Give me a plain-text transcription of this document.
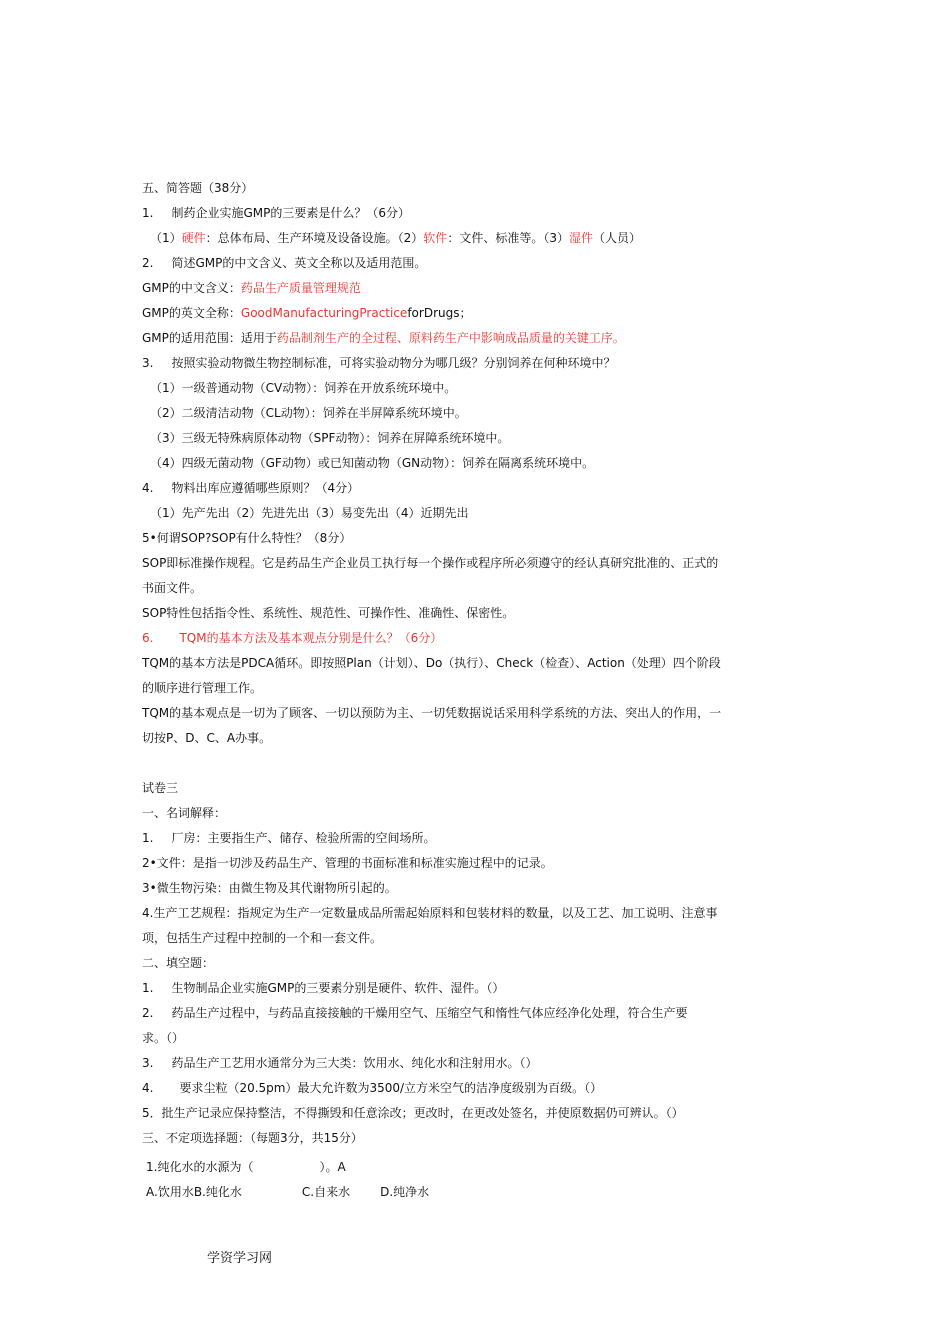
五、简答题（38分）
1. 制药企业实施GMP的三要素是什么？（6分）
（1）硬件：总体布局、生产环境及设备设施。（2）软件：文件、标准等。（3）湿件（人员）
2. 简述GMP的中文含义、英文全称以及适用范围。
GMP的中文含义：药品生产质量管理规范
GMP的英文全称：GoodManufacturingPracticeforDrugs；
GMP的适用范围：适用于药品制剂生产的全过程、原料药生产中影响成品质量的关键工序。
3. 按照实验动物微生物控制标准，可将实验动物分为哪几级？分别饲养在何种环境中？
（1）一级普通动物（CV动物）：饲养在开放系统环境中。
（2）二级清洁动物（CL动物）：饲养在半屏障系统环境中。
（3）三级无特殊病原体动物（SPF动物）：饲养在屏障系统环境中。
（4）四级无菌动物（GF动物）或已知菌动物（GN动物）：饲养在隔离系统环境中。
4. 物料出库应遵循哪些原则？（4分）
（1）先产先出（2）先进先出（3）易变先出（4）近期先出
5•何谓SOP?SOP有什么特性？（8分）
SOP即标准操作规程。它是药品生产企业员工执行每一个操作或程序所必须遵守的经认真研究批准的、正式的
书面文件。
SOP特性包括指令性、系统性、规范性、可操作性、准确性、保密性。
6. TQM的基本方法及基本观点分别是什么？（6分）
TQM的基本方法是PDCA循环。即按照Plan（计划）、Do（执行）、Check（检查）、Action（处理）四个阶段
的顺序进行管理工作。
TQM的基本观点是一切为了顾客、一切以预防为主、一切凭数据说话采用科学系统的方法、突出人的作用，一
切按P、D、C、A办事。
试卷三
一、名词解释：
1. 厂房：主要指生产、储存、检验所需的空间场所。
2•文件：是指一切涉及药品生产、管理的书面标准和标准实施过程中的记录。
3•微生物污染：由微生物及其代谢物所引起的。
4.生产工艺规程：指规定为生产一定数量成品所需起始原料和包装材料的数量，以及工艺、加工说明、注意事
项，包括生产过程中控制的一个和一套文件。
二、填空题：
1. 生物制品企业实施GMP的三要素分别是硬件、软件、湿件。（）
2. 药品生产过程中，与药品直接接触的干燥用空气、压缩空气和惰性气体应经净化处理，符合生产要
求。（）
3. 药品生产工艺用水通常分为三大类：饮用水、纯化水和注射用水。（）
4. 要求尘粒（20.5pm）最大允许数为3500/立方米空气的洁净度级别为百级。（）
5．批生产记录应保持整洁，不得撕毁和任意涂改；更改时，在更改处签名，并使原数据仍可辨认。（）
三、不定项选择题：（每题3分，共15分）
1.纯化水的水源为（	）。A
A.饮用水B.纯化水	C.自来水	D.纯净水
学资学习网
